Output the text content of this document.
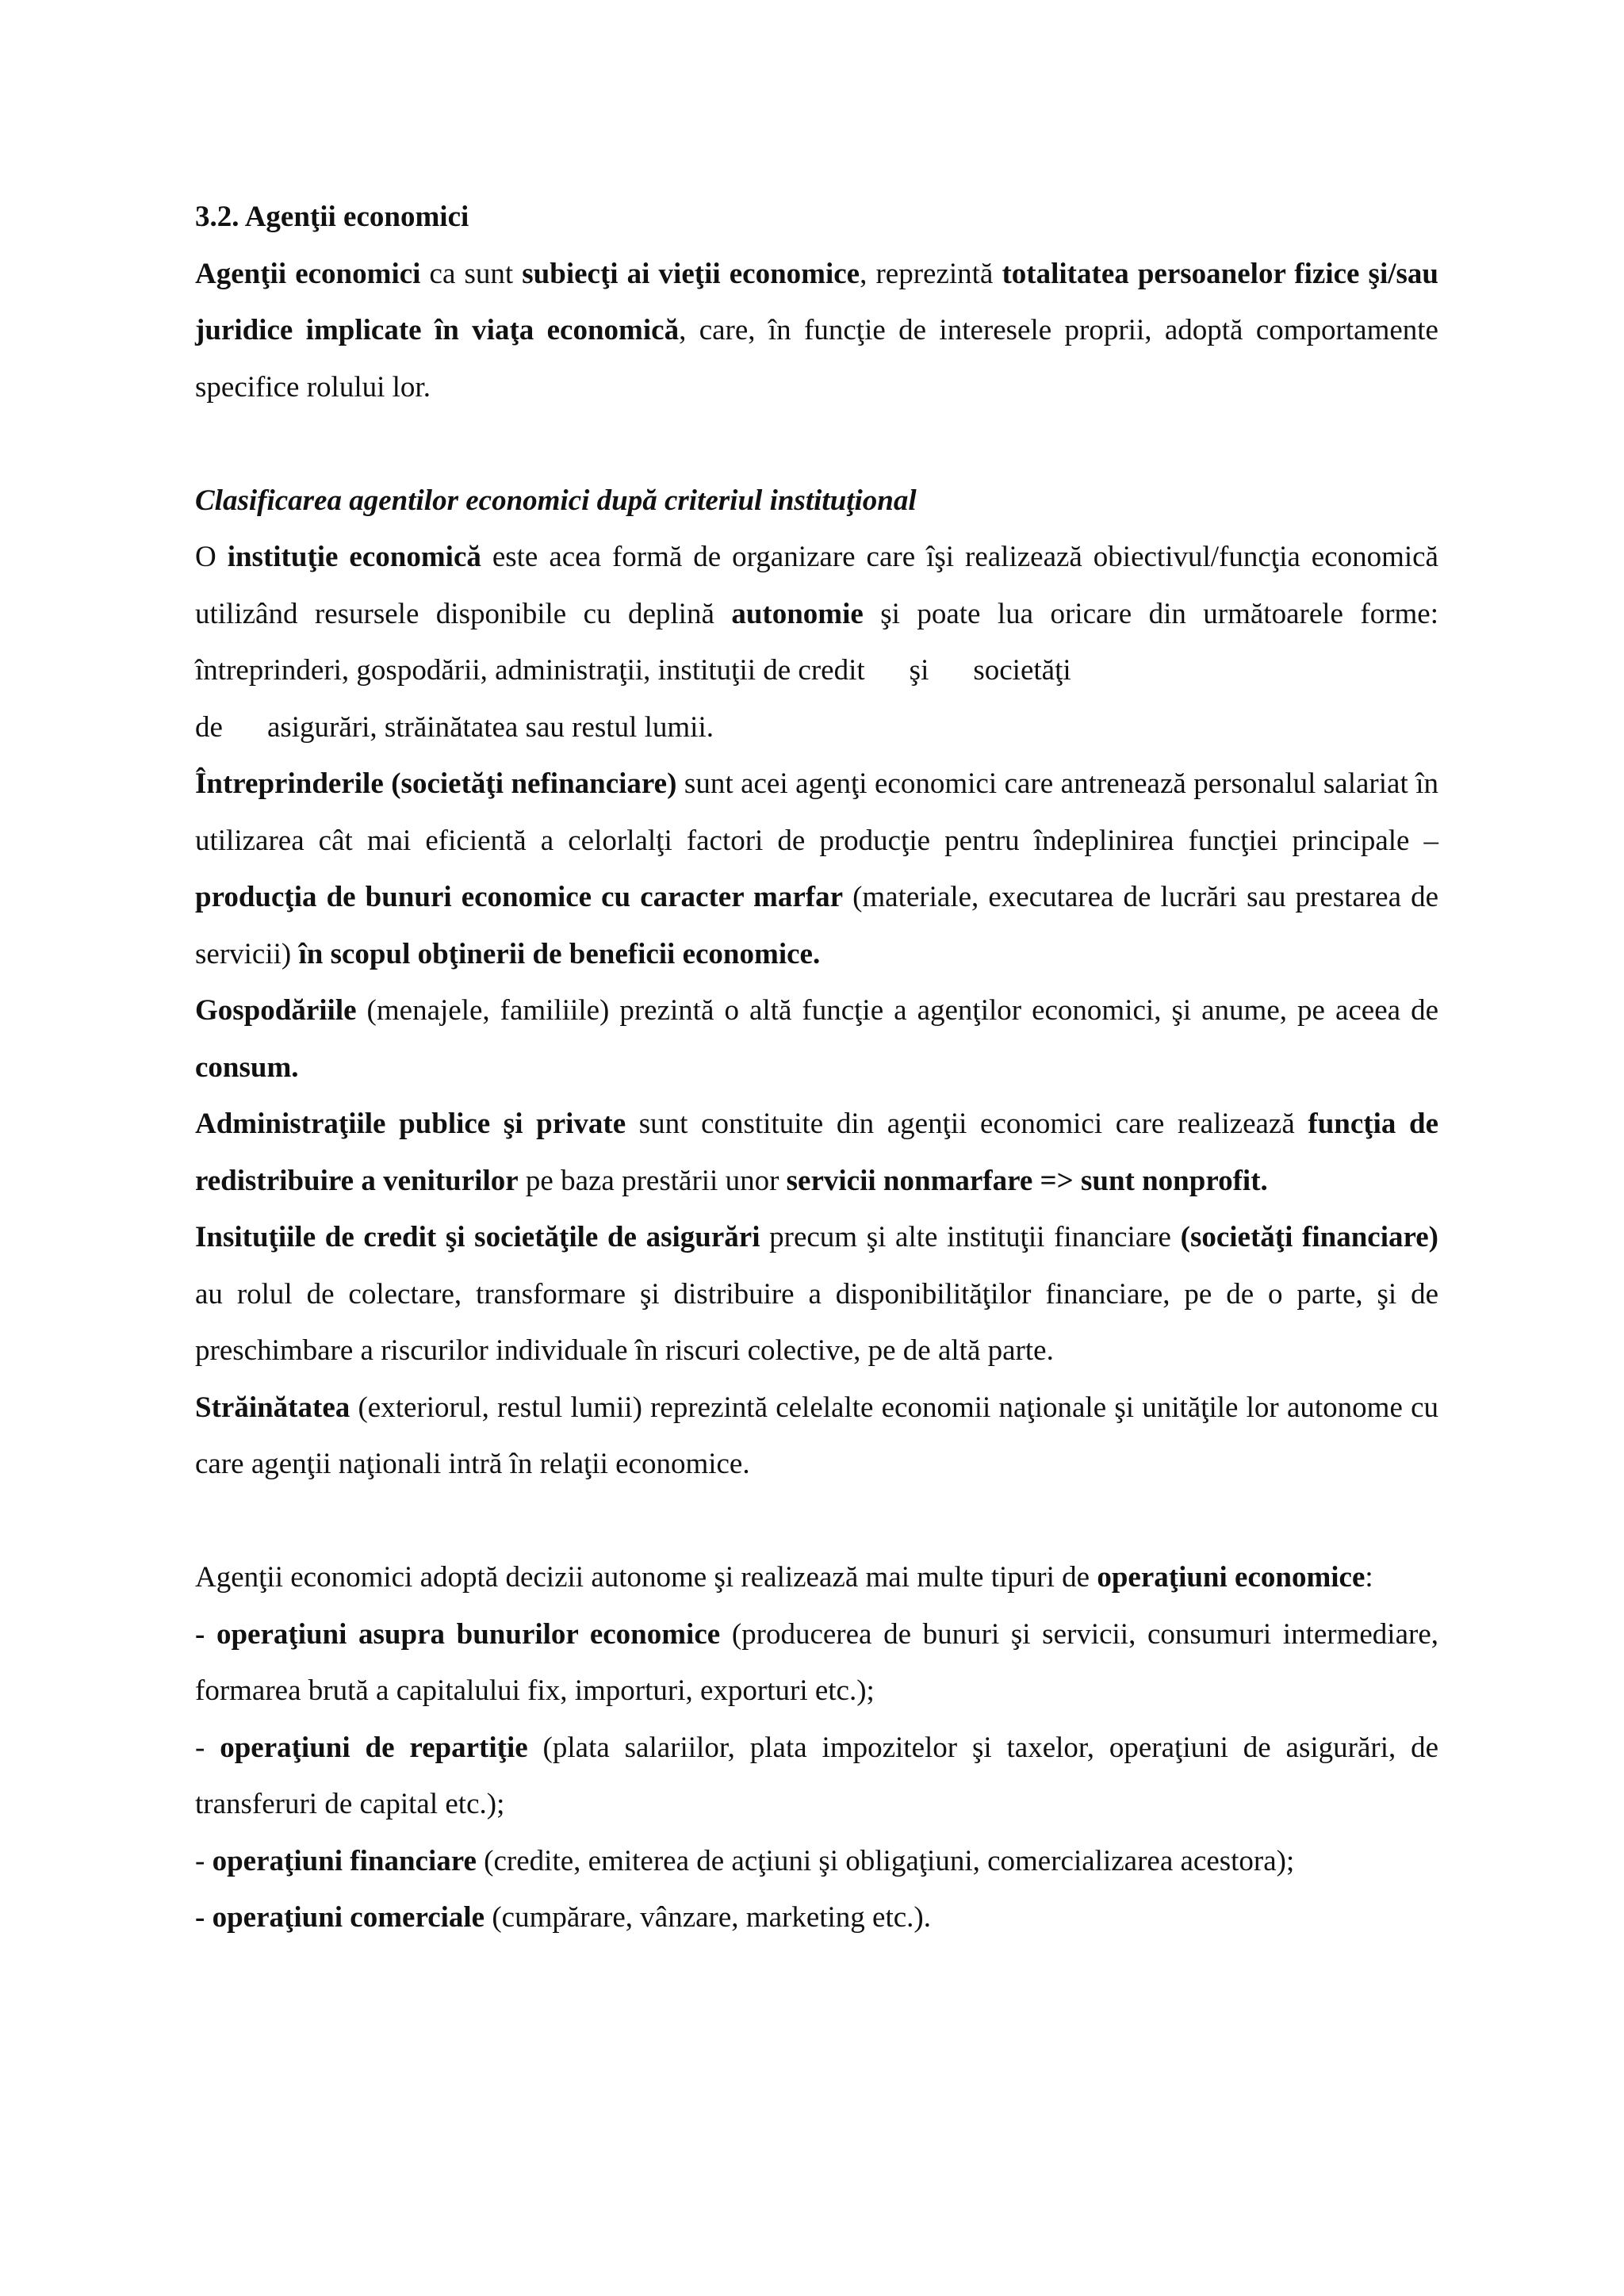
3.2. Agenţii economici

Agenţii economici ca sunt subiecţi ai vieţii economice, reprezintă totalitatea persoanelor fizice şi/sau juridice implicate în viaţa economică, care, în funcţie de interesele proprii, adoptă comportamente specifice rolului lor.

Clasificarea agentilor economici după criteriul instituţional

O instituţie economică este acea formă de organizare care îşi realizează obiectivul/funcţia economică utilizând resursele disponibile cu deplină autonomie şi poate lua oricare din următoarele forme: întreprinderi, gospodării, administraţii, instituţii de credit şi societăţi
de asigurări, străinătatea sau restul lumii.

Întreprinderile (societăţi nefinanciare) sunt acei agenţi economici care antrenează personalul salariat în utilizarea cât mai eficientă a celorlalţi factori de producţie pentru îndeplinirea funcţiei principale – producţia de bunuri economice cu caracter marfar (materiale, executarea de lucrări sau prestarea de servicii) în scopul obţinerii de beneficii economice.

Gospodăriile (menajele, familiile) prezintă o altă funcţie a agenţilor economici, şi anume, pe aceea de consum.

Administraţiile publice şi private sunt constituite din agenţii economici care realizează funcţia de redistribuire a veniturilor pe baza prestării unor servicii nonmarfare => sunt nonprofit.

Insituţiile de credit şi societăţile de asigurări precum şi alte instituţii financiare (societăţi financiare) au rolul de colectare, transformare şi distribuire a disponibilităţilor financiare, pe de o parte, şi de preschimbare a riscurilor individuale în riscuri colective, pe de altă parte.

Străinătatea (exteriorul, restul lumii) reprezintă celelalte economii naţionale şi unităţile lor autonome cu care agenţii naţionali intră în relaţii economice.

Agenţii economici adoptă decizii autonome şi realizează mai multe tipuri de operaţiuni economice:

- operaţiuni asupra bunurilor economice (producerea de bunuri şi servicii, consumuri intermediare, formarea brută a capitalului fix, importuri, exporturi etc.);

- operaţiuni de repartiţie (plata salariilor, plata impozitelor şi taxelor, operaţiuni de asigurări, de transferuri de capital etc.);

- operaţiuni financiare (credite, emiterea de acţiuni şi obligaţiuni, comercializarea acestora);

- operaţiuni comerciale (cumpărare, vânzare, marketing etc.).
